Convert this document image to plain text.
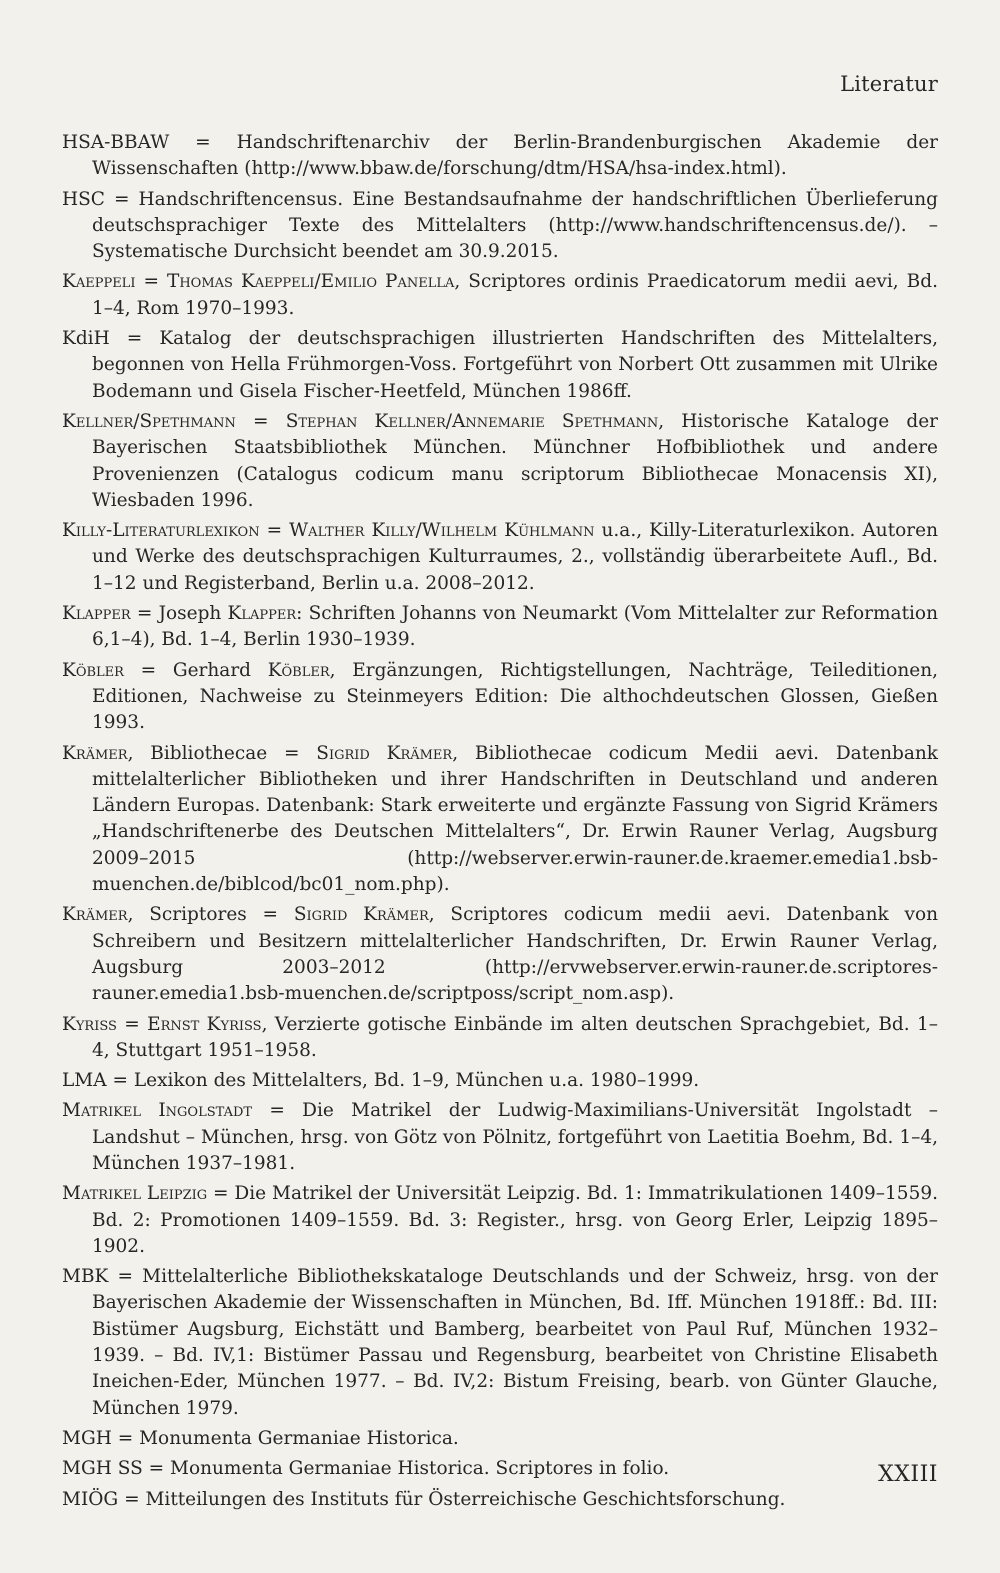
Literatur

HSA-BBAW = Handschriftenarchiv der Berlin-Brandenburgischen Akademie der Wissenschaften (http://www.bbaw.de/forschung/dtm/HSA/hsa-index.html).

HSC = Handschriftencensus. Eine Bestandsaufnahme der handschriftlichen Überlieferung deutschsprachiger Texte des Mittelalters (http://www.handschriftencensus.de/). – Systematische Durchsicht beendet am 30.9.2015.

Kaeppeli = Thomas Kaeppeli/Emilio Panella, Scriptores ordinis Praedicatorum medii aevi, Bd. 1–4, Rom 1970–1993.

KdiH = Katalog der deutschsprachigen illustrierten Handschriften des Mittelalters, begonnen von Hella Frühmorgen-Voss. Fortgeführt von Norbert Ott zusammen mit Ulrike Bodemann und Gisela Fischer-Heetfeld, München 1986ff.

Kellner/Spethmann = Stephan Kellner/Annemarie Spethmann, Historische Kataloge der Bayerischen Staatsbibliothek München. Münchner Hofbibliothek und andere Provenienzen (Catalogus codicum manu scriptorum Bibliothecae Monacensis XI), Wiesbaden 1996.

Killy-Literaturlexikon = Walther Killy/Wilhelm Kühlmann u.a., Killy-Literaturlexikon. Autoren und Werke des deutschsprachigen Kulturraumes, 2., vollständig überarbeitete Aufl., Bd. 1–12 und Registerband, Berlin u.a. 2008–2012.

Klapper = Joseph Klapper: Schriften Johanns von Neumarkt (Vom Mittelalter zur Reformation 6,1–4), Bd. 1–4, Berlin 1930–1939.

Köbler = Gerhard Köbler, Ergänzungen, Richtigstellungen, Nachträge, Teileditionen, Editionen, Nachweise zu Steinmeyers Edition: Die althochdeutschen Glossen, Gießen 1993.

Krämer, Bibliothecae = Sigrid Krämer, Bibliothecae codicum Medii aevi. Datenbank mittelalterlicher Bibliotheken und ihrer Handschriften in Deutschland und anderen Ländern Europas. Datenbank: Stark erweiterte und ergänzte Fassung von Sigrid Krämers „Handschriftenerbe des Deutschen Mittelalters“, Dr. Erwin Rauner Verlag, Augsburg 2009–2015 (http://webserver.erwin-rauner.de.kraemer.emedia1.bsb-muenchen.de/biblcod/bc01_nom.php).

Krämer, Scriptores = Sigrid Krämer, Scriptores codicum medii aevi. Datenbank von Schreibern und Besitzern mittelalterlicher Handschriften, Dr. Erwin Rauner Verlag, Augsburg 2003–2012 (http://ervwebserver.erwin-rauner.de.scriptores-rauner.emedia1.bsb-muenchen.de/scriptposs/script_nom.asp).

Kyriss = Ernst Kyriss, Verzierte gotische Einbände im alten deutschen Sprachgebiet, Bd. 1–4, Stuttgart 1951–1958.

LMA = Lexikon des Mittelalters, Bd. 1–9, München u.a. 1980–1999.

Matrikel Ingolstadt = Die Matrikel der Ludwig-Maximilians-Universität Ingolstadt – Landshut – München, hrsg. von Götz von Pölnitz, fortgeführt von Laetitia Boehm, Bd. 1–4, München 1937–1981.

Matrikel Leipzig = Die Matrikel der Universität Leipzig. Bd. 1: Immatrikulationen 1409–1559. Bd. 2: Promotionen 1409–1559. Bd. 3: Register., hrsg. von Georg Erler, Leipzig 1895–1902.

MBK = Mittelalterliche Bibliothekskataloge Deutschlands und der Schweiz, hrsg. von der Bayerischen Akademie der Wissenschaften in München, Bd. Iff. München 1918ff.: Bd. III: Bistümer Augsburg, Eichstätt und Bamberg, bearbeitet von Paul Ruf, München 1932–1939. – Bd. IV,1: Bistümer Passau und Regensburg, bearbeitet von Christine Elisabeth Ineichen-Eder, München 1977. – Bd. IV,2: Bistum Freising, bearb. von Günter Glauche, München 1979.

MGH = Monumenta Germaniae Historica.

MGH SS = Monumenta Germaniae Historica. Scriptores in folio.

MIÖG = Mitteilungen des Instituts für Österreichische Geschichtsforschung.

XXIII
